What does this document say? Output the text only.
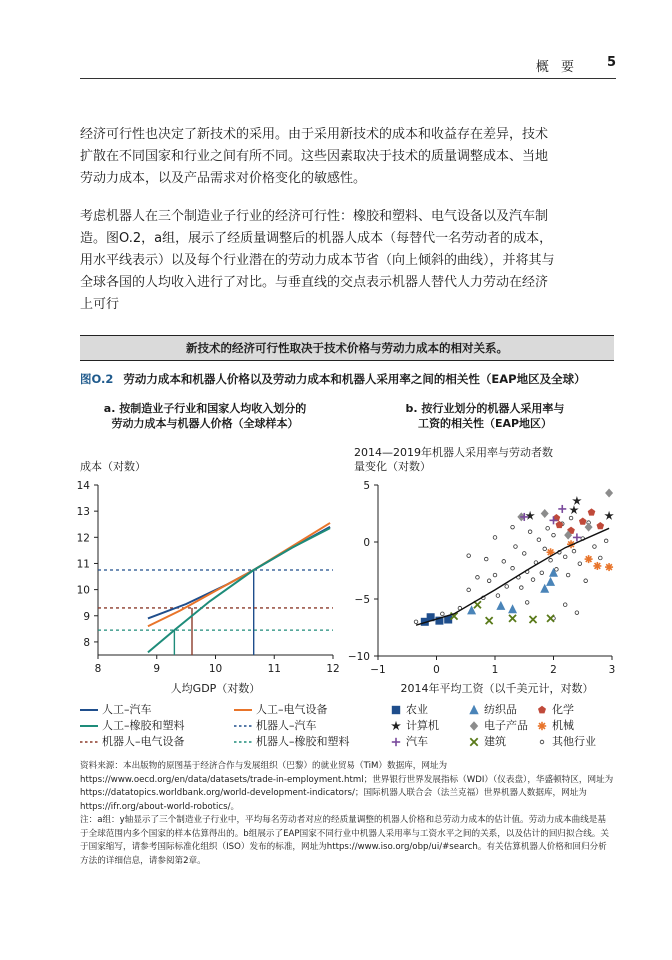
概 要 5

经济可行性也决定了新技术的采用。由于采用新技术的成本和收益存在差异，技术扩散在不同国家和行业之间有所不同。这些因素取决于技术的质量调整成本、当地劳动力成本，以及产品需求对价格变化的敏感性。

考虑机器人在三个制造业子行业的经济可行性：橡胶和塑料、电气设备以及汽车制造。图O.2，a组，展示了经质量调整后的机器人成本（每替代一名劳动者的成本，用水平线表示）以及每个行业潜在的劳动力成本节省（向上倾斜的曲线），并将其与全球各国的人均收入进行了对比。与垂直线的交点表示机器人替代人力劳动在经济上可行

新技术的经济可行性取决于技术价格与劳动力成本的相对关系。
图O.2 劳动力成本和机器人价格以及劳动力成本和机器人采用率之间的相关性（EAP地区及全球）
a. 按制造业子行业和国家人均收入划分的
劳动力成本与机器人价格（全球样本）
b. 按行业划分的机器人采用率与
工资的相关性（EAP地区）
成本（对数）
8
9
10
11
12
13
14
8	9	10	11	12
人均GDP（对数）
2014—2019年机器人采用率与劳动者数
量变化（对数）
−10
−5
0
5
−1	0	1	2	3
2014年平均工资（以千美元计，对数）
人工–汽车	人工–电气设备
人工–橡胶和塑料	机器人–汽车
机器人–电气设备	机器人–橡胶和塑料
农业	纺织品	化学
计算机	电子产品 机械
汽车	建筑	其他行业

资料来源：本出版物的原图基于经济合作与发展组织（巴黎）的就业贸易（TiM）数据库，网址为https://www.oecd.org/en/data/datasets/trade-in-employment.html；世界银行世界发展指标（WDI）（仪表盘），华盛顿特区，网址为https://datatopics.worldbank.org/world-development-indicators/；国际机器人联合会（法兰克福）世界机器人数据库，网址为https://ifr.org/about-world-robotics/。

注：a组：y轴显示了三个制造业子行业中，平均每名劳动者对应的经质量调整的机器人价格和总劳动力成本的估计值。劳动力成本曲线是基于全球范围内多个国家的样本估算得出的。b组展示了EAP国家不同行业中机器人采用率与工资水平之间的关系，以及估计的回归拟合线。关于国家缩写，请参考国际标准化组织（ISO）发布的标准，网址为https://www.iso.org/obp/ui/#search。有关估算机器人价格和回归分析方法的详细信息，请参阅第2章。
